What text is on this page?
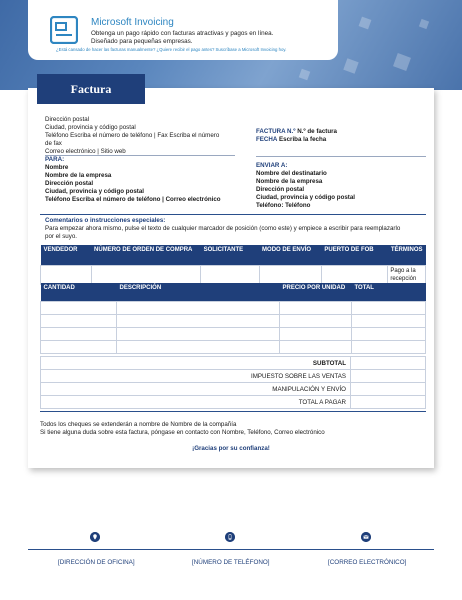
Microsoft Invoicing
Obtenga un pago rápido con facturas atractivas y pagos en línea.
Diseñado para pequeñas empresas.
¿Está cansado de hacer las facturas manualmente? ¿Quiere recibir el pago antes? Suscríbase a Microsoft Invoicing hoy.
Factura
Dirección postal
Ciudad, provincia y código postal
Teléfono Escriba el número de teléfono | Fax Escriba el número
de fax
Correo electrónico | Sitio web
FACTURA N.º N.º de factura
FECHA Escriba la fecha
PARA:
Nombre
Nombre de la empresa
Dirección postal
Ciudad, provincia y código postal
Teléfono Escriba el número de teléfono | Correo electrónico
ENVIAR A:
Nombre del destinatario
Nombre de la empresa
Dirección postal
Ciudad, provincia y código postal
Teléfono: Teléfono
Comentarios o instrucciones especiales:
Para empezar ahora mismo, pulse el texto de cualquier marcador de posición (como este) y empiece a escribir para reemplazarlo
por el suyo.
VENDEDOR	NÚMERO DE ORDEN DE COMPRA	SOLICITANTE	MODO DE ENVÍO	PUERTO DE FOB	TÉRMINOS
					Pago a la recepción
CANTIDAD	DESCRIPCIÓN	PRECIO POR UNIDAD	TOTAL

SUBTOTAL	
IMPUESTO SOBRE LAS VENTAS	
MANIPULACIÓN Y ENVÍO	
TOTAL A PAGAR	
Todos los cheques se extenderán a nombre de Nombre de la compañía
Si tiene alguna duda sobre esta factura, póngase en contacto con Nombre, Teléfono, Correo electrónico
¡Gracias por su confianza!
[DIRECCIÓN DE OFICINA]	[NÚMERO DE TELÉFONO]	[CORREO ELECTRÓNICO]
